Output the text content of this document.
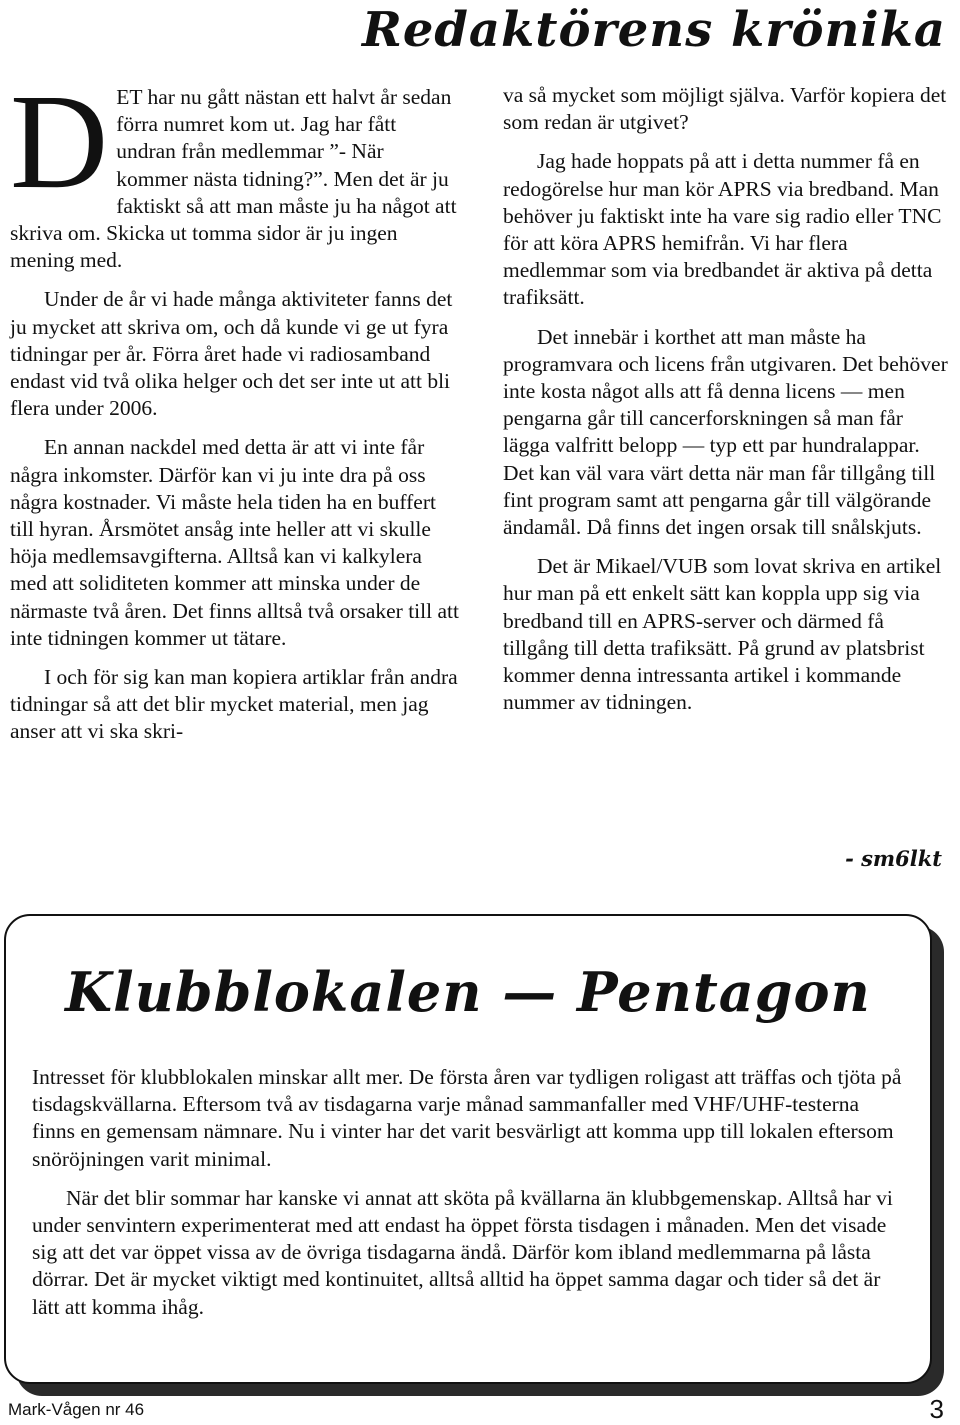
Redaktörens krönika

DET har nu gått nästan ett halvt år sedan förra numret kom ut. Jag har fått undran från medlemmar ”- När kommer nästa tidning?”. Men det är ju faktiskt så att man måste ju ha något att skriva om. Skicka ut tomma sidor är ju ingen mening med.

Under de år vi hade många aktiviteter fanns det ju mycket att skriva om, och då kunde vi ge ut fyra tidningar per år. Förra året hade vi radiosamband endast vid två olika helger och det ser inte ut att bli flera under 2006.

En annan nackdel med detta är att vi inte får några inkomster. Därför kan vi ju inte dra på oss några kostnader. Vi måste hela tiden ha en buffert till hyran. Årsmötet ansåg inte heller att vi skulle höja medlemsavgifterna. Alltså kan vi kalkylera med att soliditeten kommer att minska under de närmaste två åren. Det finns alltså två orsaker till att inte tidningen kommer ut tätare.

I och för sig kan man kopiera artiklar från andra tidningar så att det blir mycket material, men jag anser att vi ska skri-

va så mycket som möjligt själva. Varför kopiera det som redan är utgivet?

Jag hade hoppats på att i detta nummer få en redogörelse hur man kör APRS via bredband. Man behöver ju faktiskt inte ha vare sig radio eller TNC för att köra APRS hemifrån. Vi har flera medlemmar som via bredbandet är aktiva på detta trafiksätt.

Det innebär i korthet att man måste ha programvara och licens från utgivaren. Det behöver inte kosta något alls att få denna licens — men pengarna går till cancerforskningen så man får lägga valfritt belopp — typ ett par hundralappar. Det kan väl vara värt detta när man får tillgång till fint program samt att pengarna går till välgörande ändamål. Då finns det ingen orsak till snålskjuts.

Det är Mikael/VUB som lovat skriva en artikel hur man på ett enkelt sätt kan koppla upp sig via bredband till en APRS-server och därmed få tillgång till detta trafiksätt. På grund av platsbrist kommer denna intressanta artikel i kommande nummer av tidningen.

- sm6lkt
Klubblokalen — Pentagon

Intresset för klubblokalen minskar allt mer. De första åren var tydligen roligast att träffas och tjöta på tisdagskvällarna. Eftersom två av tisdagarna varje månad sammanfaller med VHF/UHF-testerna finns en gemensam nämnare. Nu i vinter har det varit besvärligt att komma upp till lokalen eftersom snöröjningen varit minimal.

När det blir sommar har kanske vi annat att sköta på kvällarna än klubbgemenskap. Alltså har vi under senvintern experimenterat med att endast ha öppet första tisdagen i månaden. Men det visade sig att det var öppet vissa av de övriga tisdagarna ändå. Därför kom ibland medlemmarna på låsta dörrar. Det är mycket viktigt med kontinuitet, alltså alltid ha öppet samma dagar och tider så det är lätt att komma ihåg.

Mark-Vågen nr 46	3
